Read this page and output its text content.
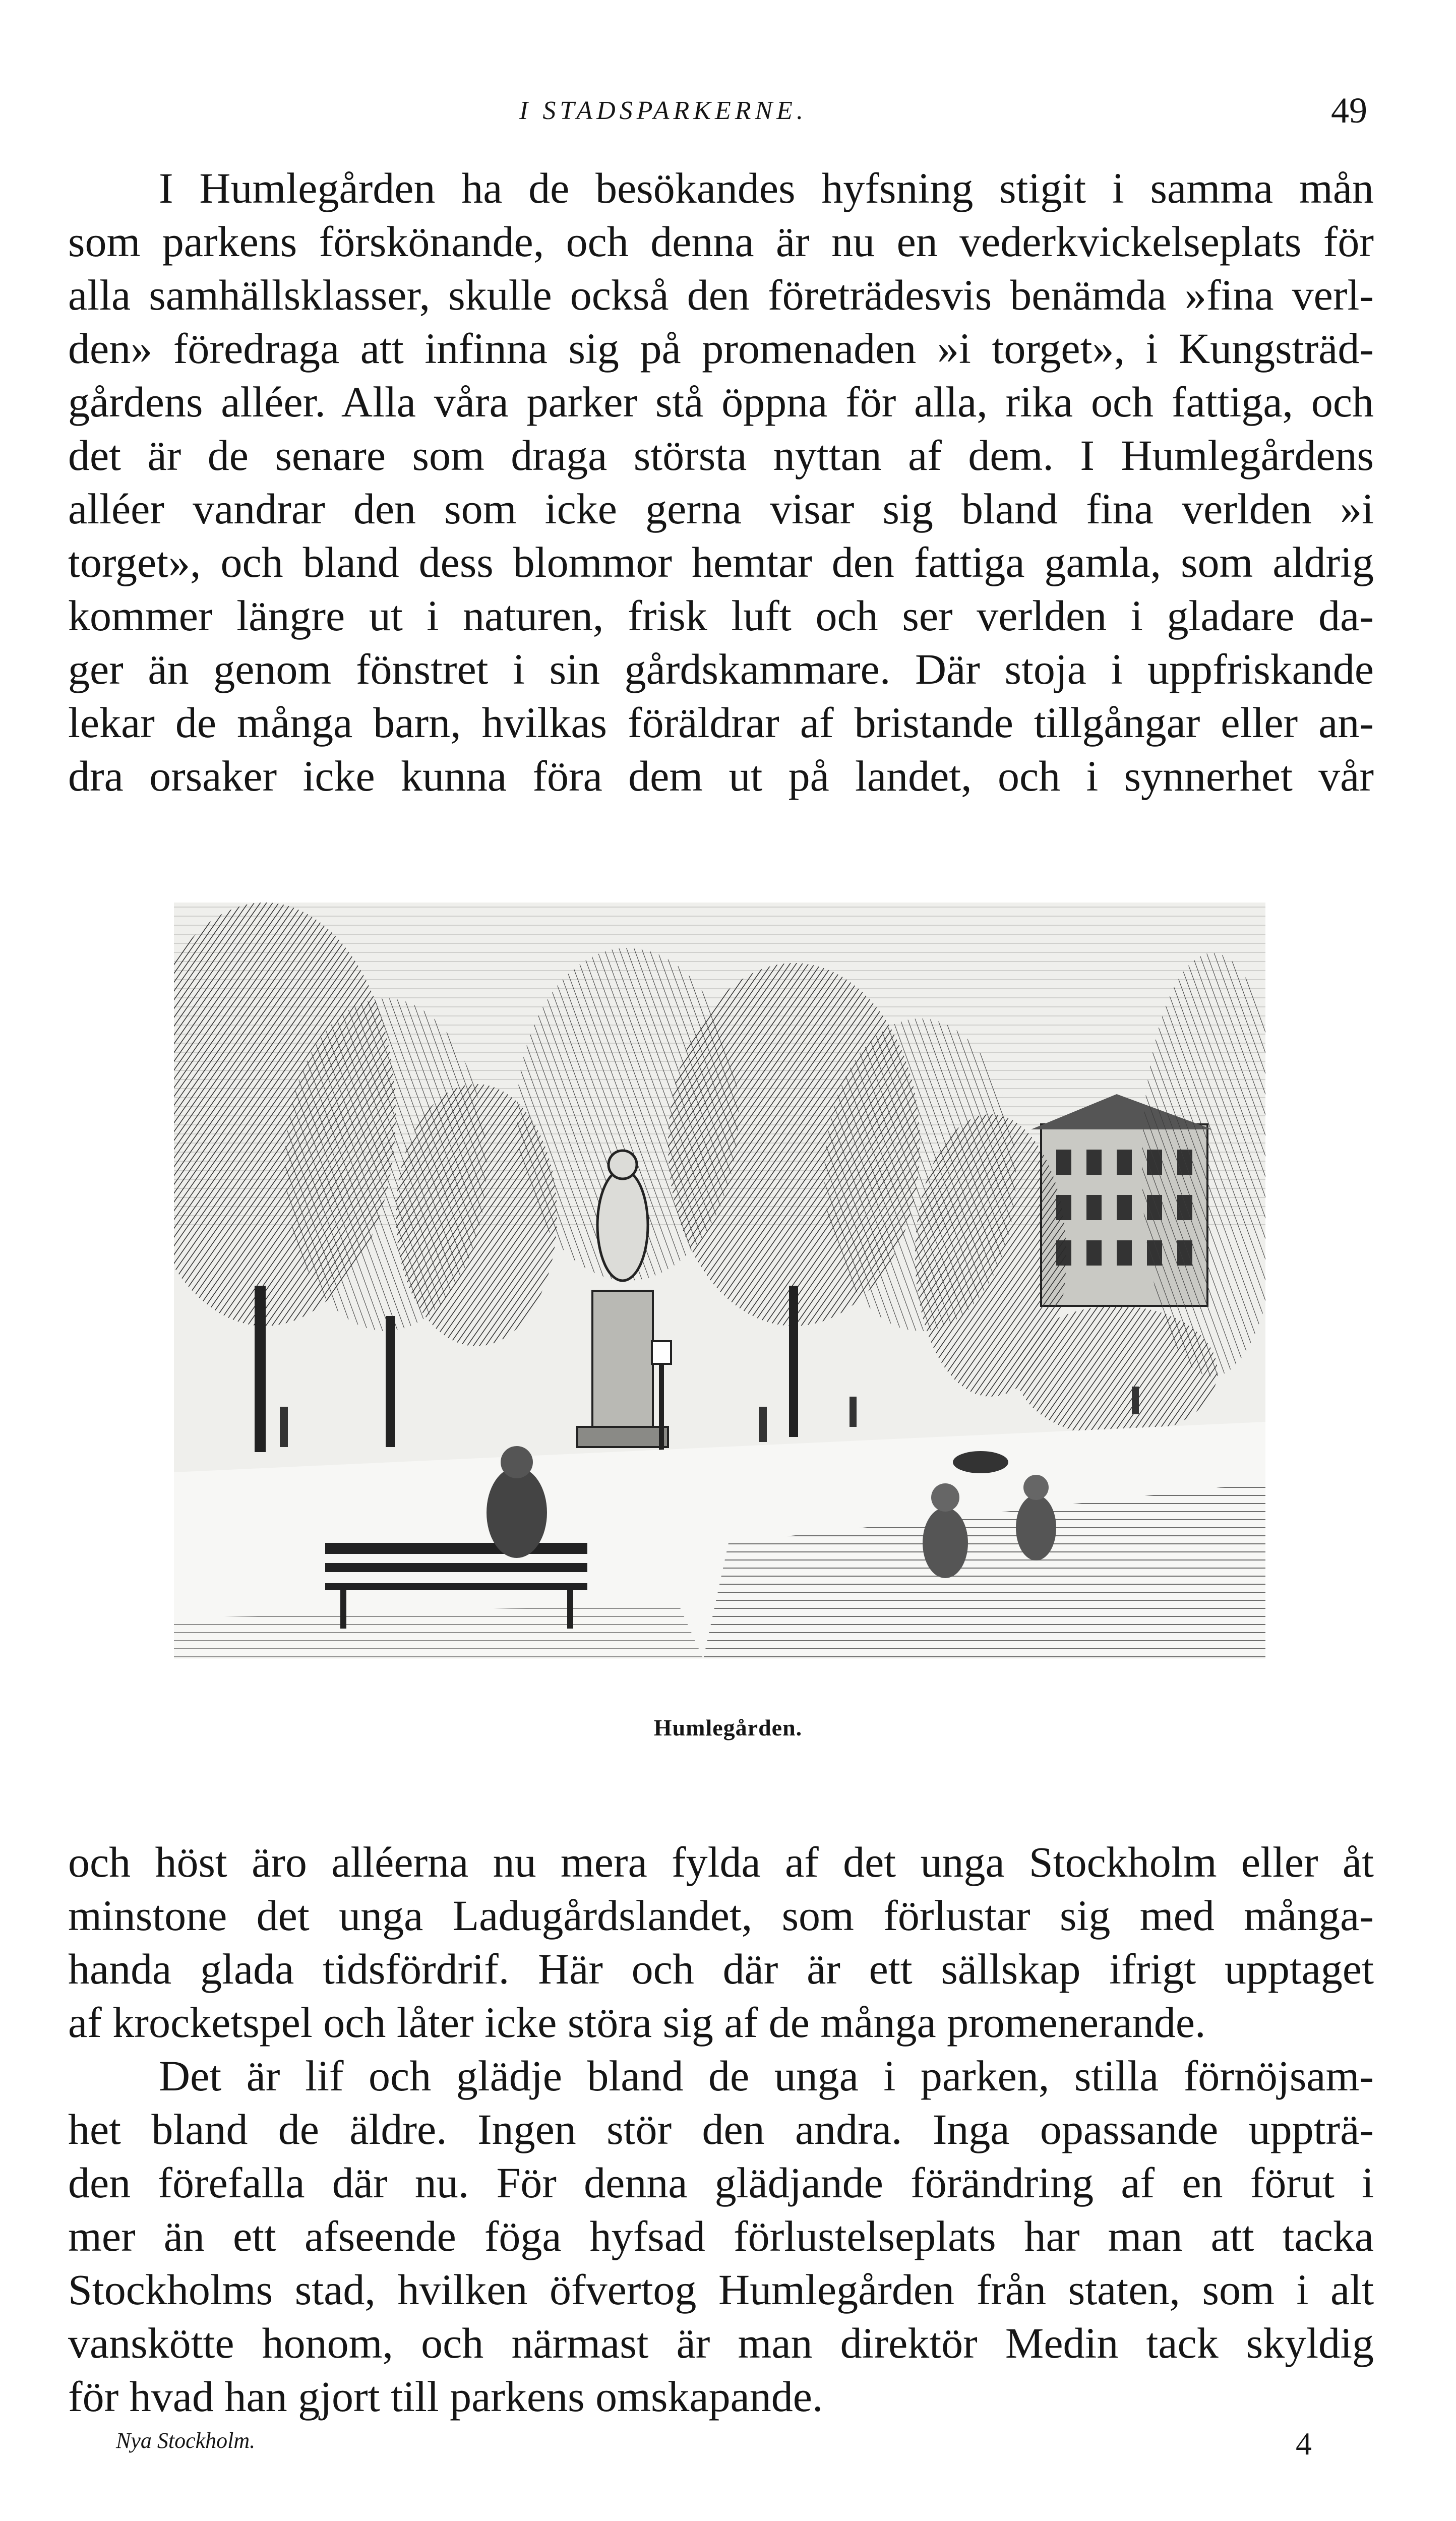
I STADSPARKERNE.	49

I Humlegården ha de besökandes hyfsning stigit i samma mån
som parkens förskönande, och denna är nu en vederkvickelseplats för
alla samhällsklasser, skulle också den företrädesvis benämda »fina verl-
den» föredraga att infinna sig på promenaden »i torget», i Kungsträd-
gårdens alléer. Alla våra parker stå öppna för alla, rika och fattiga, och
det är de senare som draga största nyttan af dem. I Humlegårdens
alléer vandrar den som icke gerna visar sig bland fina verlden »i
torget», och bland dess blommor hemtar den fattiga gamla, som aldrig
kommer längre ut i naturen, frisk luft och ser verlden i gladare da-
ger än genom fönstret i sin gårdskammare. Där stoja i uppfriskande
lekar de många barn, hvilkas föräldrar af bristande tillgångar eller an-
dra orsaker icke kunna föra dem ut på landet, och i synnerhet vår

Humlegården.

och höst äro alléerna nu mera fylda af det unga Stockholm eller åt
minstone det unga Ladugårdslandet, som förlustar sig med många-
handa glada tidsfördrif. Här och där är ett sällskap ifrigt upptaget
af krocketspel och låter icke störa sig af de många promenerande.

Det är lif och glädje bland de unga i parken, stilla förnöjsam-
het bland de äldre. Ingen stör den andra. Inga opassande uppträ-
den förefalla där nu. För denna glädjande förändring af en förut i
mer än ett afseende föga hyfsad förlustelseplats har man att tacka
Stockholms stad, hvilken öfvertog Humlegården från staten, som i alt
vanskötte honom, och närmast är man direktör Medin tack skyldig
för hvad han gjort till parkens omskapande.

Nya Stockholm.	4
